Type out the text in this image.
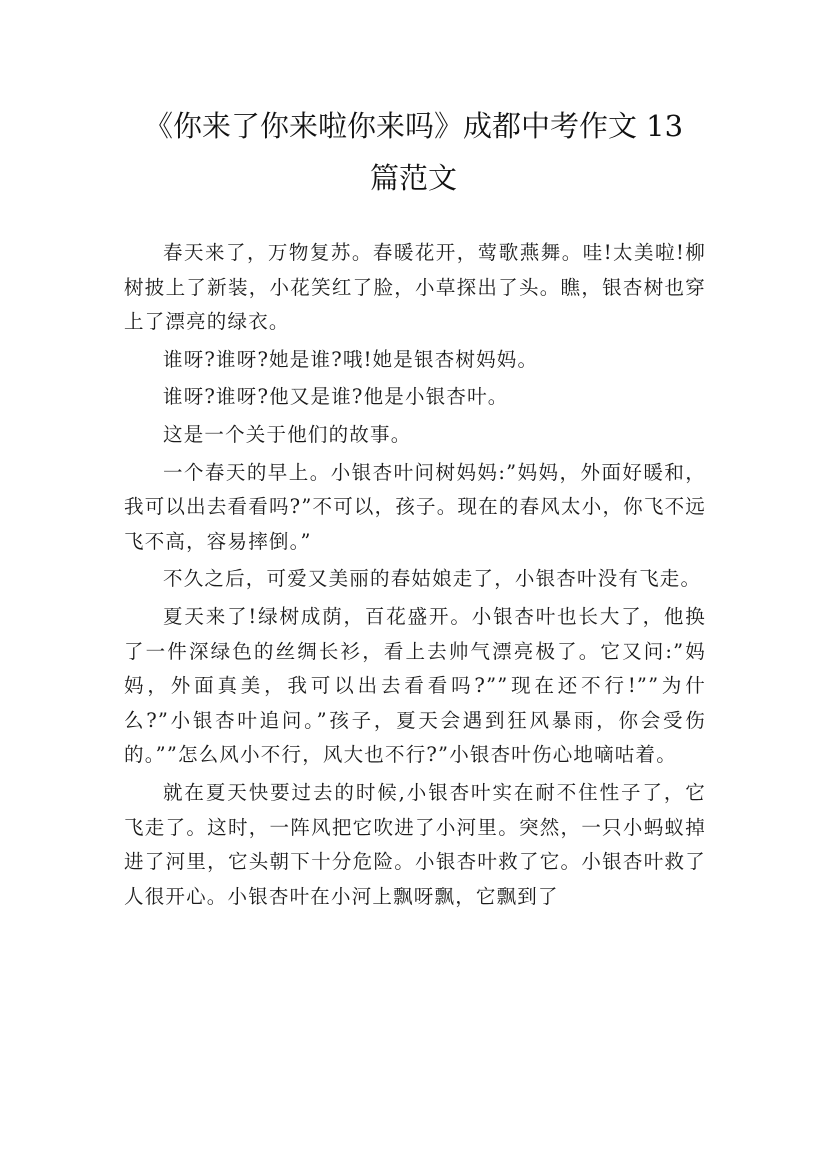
《你来了你来啦你来吗》成都中考作文 13
篇范文

春天来了，万物复苏。春暖花开，莺歌燕舞。哇!太美啦!柳树披上了新装，小花笑红了脸，小草探出了头。瞧，银杏树也穿上了漂亮的绿衣。

谁呀?谁呀?她是谁?哦!她是银杏树妈妈。

谁呀?谁呀?他又是谁?他是小银杏叶。

这是一个关于他们的故事。

一个春天的早上。小银杏叶问树妈妈:”妈妈，外面好暖和，我可以出去看看吗?”不可以，孩子。现在的春风太小，你飞不远飞不高，容易摔倒。”

不久之后，可爱又美丽的春姑娘走了，小银杏叶没有飞走。

夏天来了!绿树成荫，百花盛开。小银杏叶也长大了，他换了一件深绿色的丝绸长衫，看上去帅气漂亮极了。它又问:”妈妈，外面真美，我可以出去看看吗?””现在还不行!””为什么?”小银杏叶追问。”孩子，夏天会遇到狂风暴雨，你会受伤的。””怎么风小不行，风大也不行?”小银杏叶伤心地嘀咕着。

就在夏天快要过去的时候,小银杏叶实在耐不住性子了，它飞走了。这时，一阵风把它吹进了小河里。突然，一只小蚂蚁掉进了河里，它头朝下十分危险。小银杏叶救了它。小银杏叶救了人很开心。小银杏叶在小河上飘呀飘，它飘到了
